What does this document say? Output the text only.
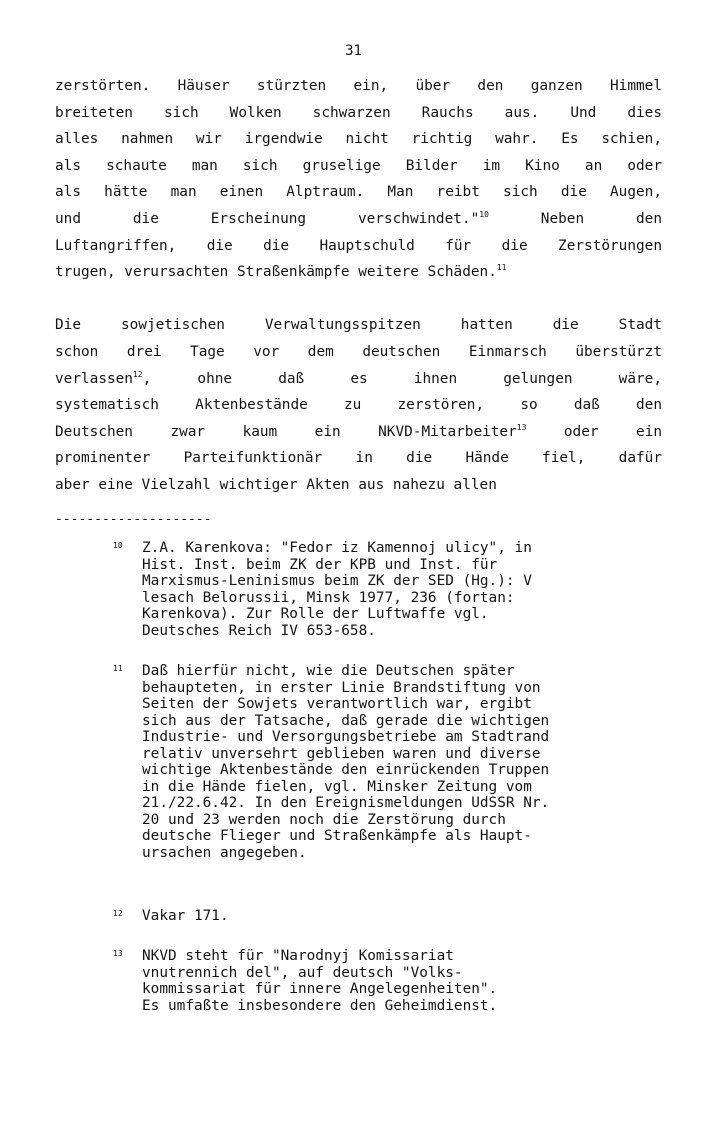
31
zerstörten. Häuser stürzten ein, über den ganzen Himmel
breiteten sich Wolken schwarzen Rauchs aus. Und dies
alles nahmen wir irgendwie nicht richtig wahr. Es schien,
als schaute man sich gruselige Bilder im Kino an oder
als hätte man einen Alptraum. Man reibt sich die Augen,
und die Erscheinung verschwindet."$^{10}$ Neben den
Luftangriffen, die die Hauptschuld für die Zerstörungen
trugen, verursachten Straßenkämpfe weitere Schäden.$^{11}$
Die sowjetischen Verwaltungsspitzen hatten die Stadt
schon drei Tage vor dem deutschen Einmarsch überstürzt
verlassen$^{12}$, ohne daß es ihnen gelungen wäre,
systematisch Aktenbestände zu zerstören, so daß den
Deutschen zwar kaum ein NKVD-Mitarbeiter$^{13}$ oder ein
prominenter Parteifunktionär in die Hände fiel, dafür
aber eine Vielzahl wichtiger Akten aus nahezu allen
--------------------
10 Z.A. Karenkova: "Fedor iz Kamennoj ulicy", in
Hist. Inst. beim ZK der KPB und Inst. für
Marxismus-Leninismus beim ZK der SED (Hg.): V
lesach Belorussii, Minsk 1977, 236 (fortan:
Karenkova). Zur Rolle der Luftwaffe vgl.
Deutsches Reich IV 653-658.
11 Daß hierfür nicht, wie die Deutschen später
behaupteten, in erster Linie Brandstiftung von
Seiten der Sowjets verantwortlich war, ergibt
sich aus der Tatsache, daß gerade die wichtigen
Industrie- und Versorgungsbetriebe am Stadtrand
relativ unversehrt geblieben waren und diverse
wichtige Aktenbestände den einrückenden Truppen
in die Hände fielen, vgl. Minsker Zeitung vom
21./22.6.42. In den Ereignismeldungen UdSSR Nr.
20 und 23 werden noch die Zerstörung durch
deutsche Flieger und Straßenkämpfe als Haupt-
ursachen angegeben.
12 Vakar 171.
13 NKVD steht für "Narodnyj Komissariat
vnutrennich del", auf deutsch "Volks-
kommissariat für innere Angelegenheiten".
Es umfaßte insbesondere den Geheimdienst.
